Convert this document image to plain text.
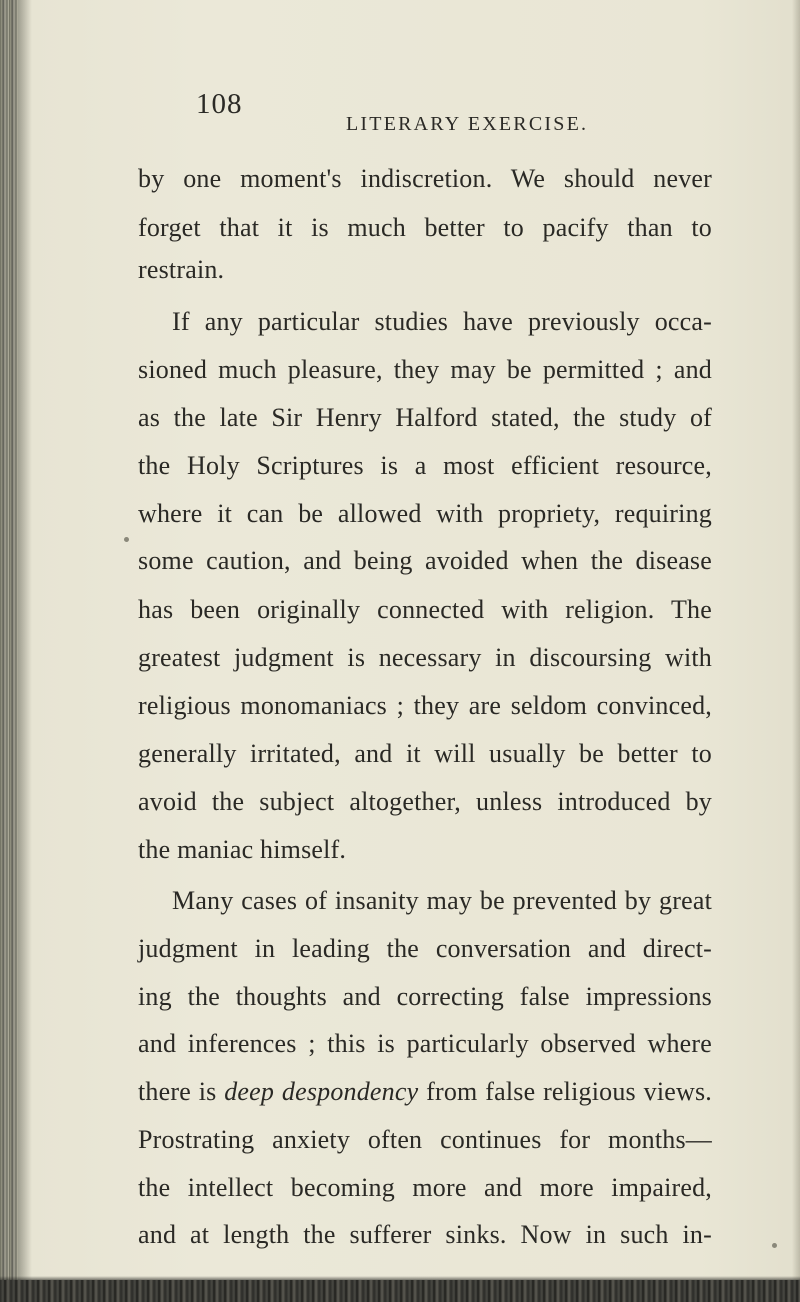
108
LITERARY EXERCISE.
by one moment's indiscretion. We should never
forget that it is much better to pacify than to
restrain.
If any particular studies have previously occa-
sioned much pleasure, they may be permitted ; and
as the late Sir Henry Halford stated, the study of
the Holy Scriptures is a most efficient resource,
where it can be allowed with propriety, requiring
some caution, and being avoided when the disease
has been originally connected with religion. The
greatest judgment is necessary in discoursing with
religious monomaniacs ; they are seldom convinced,
generally irritated, and it will usually be better to
avoid the subject altogether, unless introduced by
the maniac himself.
Many cases of insanity may be prevented by great
judgment in leading the conversation and direct-
ing the thoughts and correcting false impressions
and inferences ; this is particularly observed where
there is deep despondency from false religious views.
Prostrating anxiety often continues for months—
the intellect becoming more and more impaired,
and at length the sufferer sinks. Now in such in-
